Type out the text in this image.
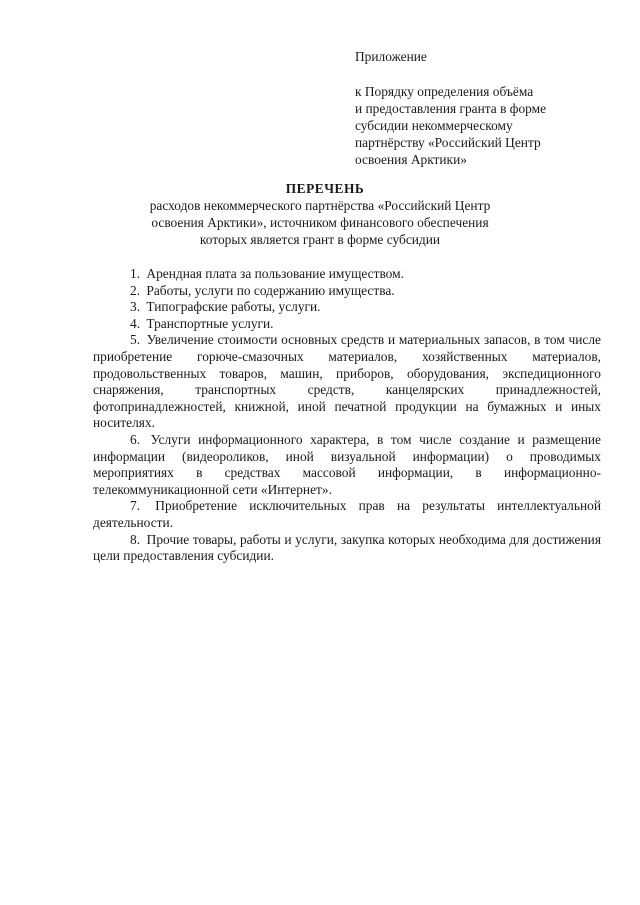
Приложение

к Порядку определения объёма
и предоставления гранта в форме
субсидии некоммерческому
партнёрству «Российский Центр
освоения Арктики»
ПЕРЕЧЕНЬ
расходов некоммерческого партнёрства «Российский Центр
освоения Арктики», источником финансового обеспечения
которых является грант в форме субсидии

1. Арендная плата за пользование имуществом.

2. Работы, услуги по содержанию имущества.

3. Типографские работы, услуги.

4. Транспортные услуги.

5. Увеличение стоимости основных средств и материальных запасов, в том числе приобретение горюче-смазочных материалов, хозяйственных материалов, продовольственных товаров, машин, приборов, оборудования, экспедиционного снаряжения, транспортных средств, канцелярских принадлежностей, фотопринадлежностей, книжной, иной печатной продукции на бумажных и иных носителях.

6. Услуги информационного характера, в том числе создание и размещение информации (видеороликов, иной визуальной информации) о проводимых мероприятиях в средствах массовой информации, в информационно-телекоммуникационной сети «Интернет».

7. Приобретение исключительных прав на результаты интеллектуальной деятельности.

8. Прочие товары, работы и услуги, закупка которых необходима для достижения цели предоставления субсидии.
